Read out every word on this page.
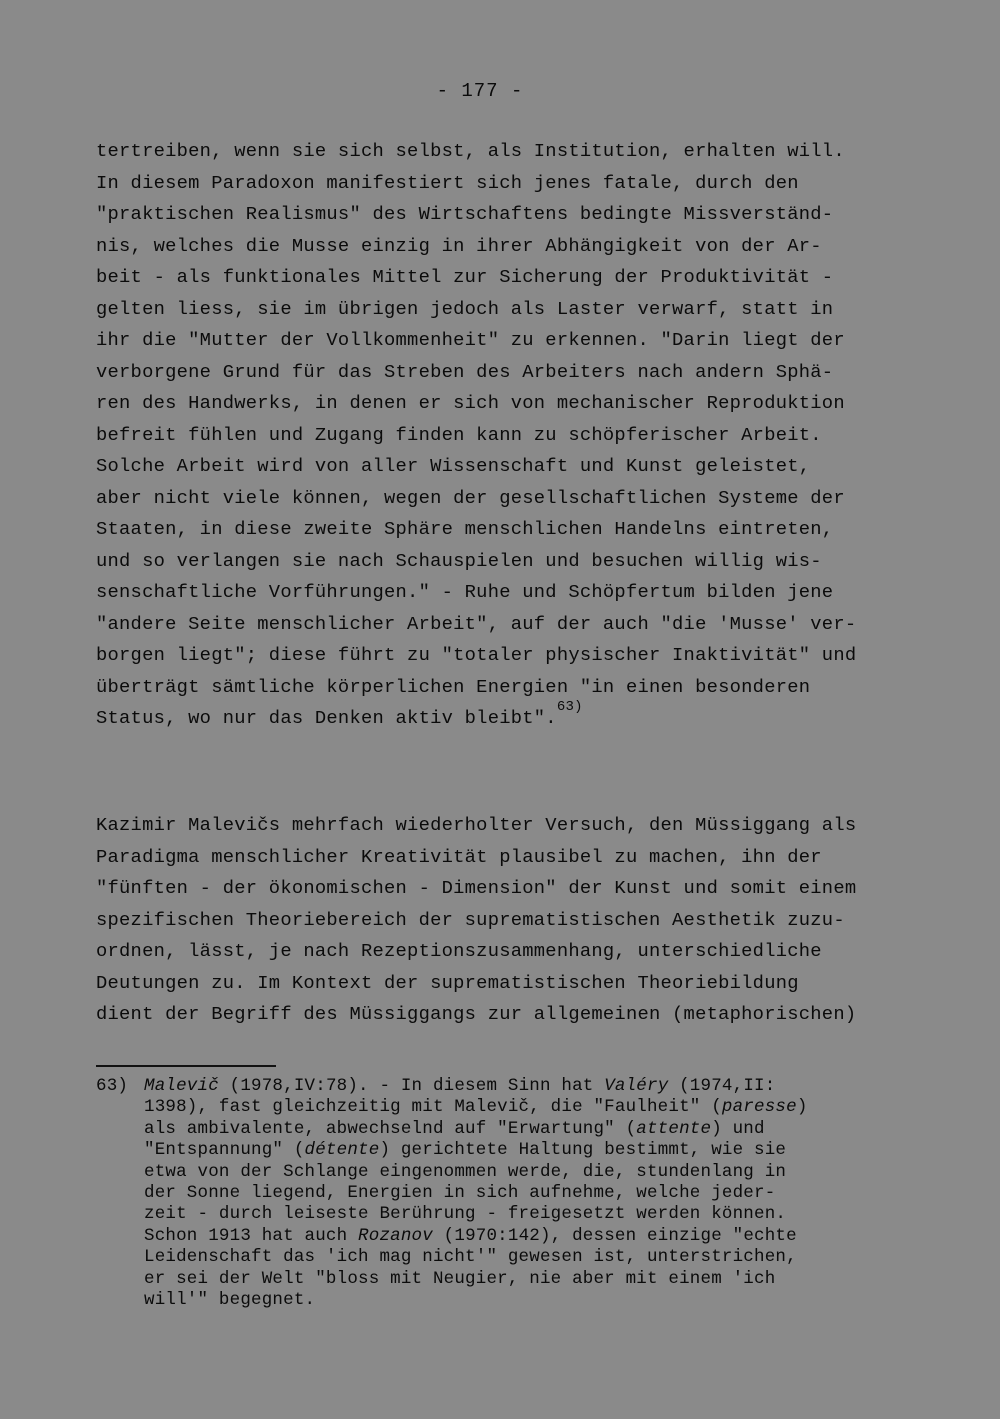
- 177 -
tertreiben, wenn sie sich selbst, als Institution, erhalten will.
In diesem Paradoxon manifestiert sich jenes fatale, durch den
"praktischen Realismus" des Wirtschaftens bedingte Missverständ-
nis, welches die Musse einzig in ihrer Abhängigkeit von der Ar-
beit - als funktionales Mittel zur Sicherung der Produktivität -
gelten liess, sie im übrigen jedoch als Laster verwarf, statt in
ihr die "Mutter der Vollkommenheit" zu erkennen. "Darin liegt der
verborgene Grund für das Streben des Arbeiters nach andern Sphä-
ren des Handwerks, in denen er sich von mechanischer Reproduktion
befreit fühlen und Zugang finden kann zu schöpferischer Arbeit.
Solche Arbeit wird von aller Wissenschaft und Kunst geleistet,
aber nicht viele können, wegen der gesellschaftlichen Systeme der
Staaten, in diese zweite Sphäre menschlichen Handelns eintreten,
und so verlangen sie nach Schauspielen und besuchen willig wis-
senschaftliche Vorführungen." - Ruhe und Schöpfertum bilden jene
"andere Seite menschlicher Arbeit", auf der auch "die 'Musse' ver-
borgen liegt"; diese führt zu "totaler physischer Inaktivität" und
überträgt sämtliche körperlichen Energien "in einen besonderen
Status, wo nur das Denken aktiv bleibt".$^{63)}$
Kazimir Malevičs mehrfach wiederholter Versuch, den Müssiggang als
Paradigma menschlicher Kreativität plausibel zu machen, ihn der
"fünften - der ökonomischen - Dimension" der Kunst und somit einem
spezifischen Theoriebereich der suprematistischen Aesthetik zuzu-
ordnen, lässt, je nach Rezeptionszusammenhang, unterschiedliche
Deutungen zu. Im Kontext der suprematistischen Theoriebildung
dient der Begriff des Müssiggangs zur allgemeinen (metaphorischen)
63) Malevič (1978,IV:78). - In diesem Sinn hat Valéry (1974,II:
1398), fast gleichzeitig mit Malevič, die "Faulheit" (paresse)
als ambivalente, abwechselnd auf "Erwartung" (attente) und
"Entspannung" (détente) gerichtete Haltung bestimmt, wie sie
etwa von der Schlange eingenommen werde, die, stundenlang in
der Sonne liegend, Energien in sich aufnehme, welche jeder-
zeit - durch leiseste Berührung - freigesetzt werden können.
Schon 1913 hat auch Rozanov (1970:142), dessen einzige "echte
Leidenschaft das 'ich mag nicht'" gewesen ist, unterstrichen,
er sei der Welt "bloss mit Neugier, nie aber mit einem 'ich
will'" begegnet.
